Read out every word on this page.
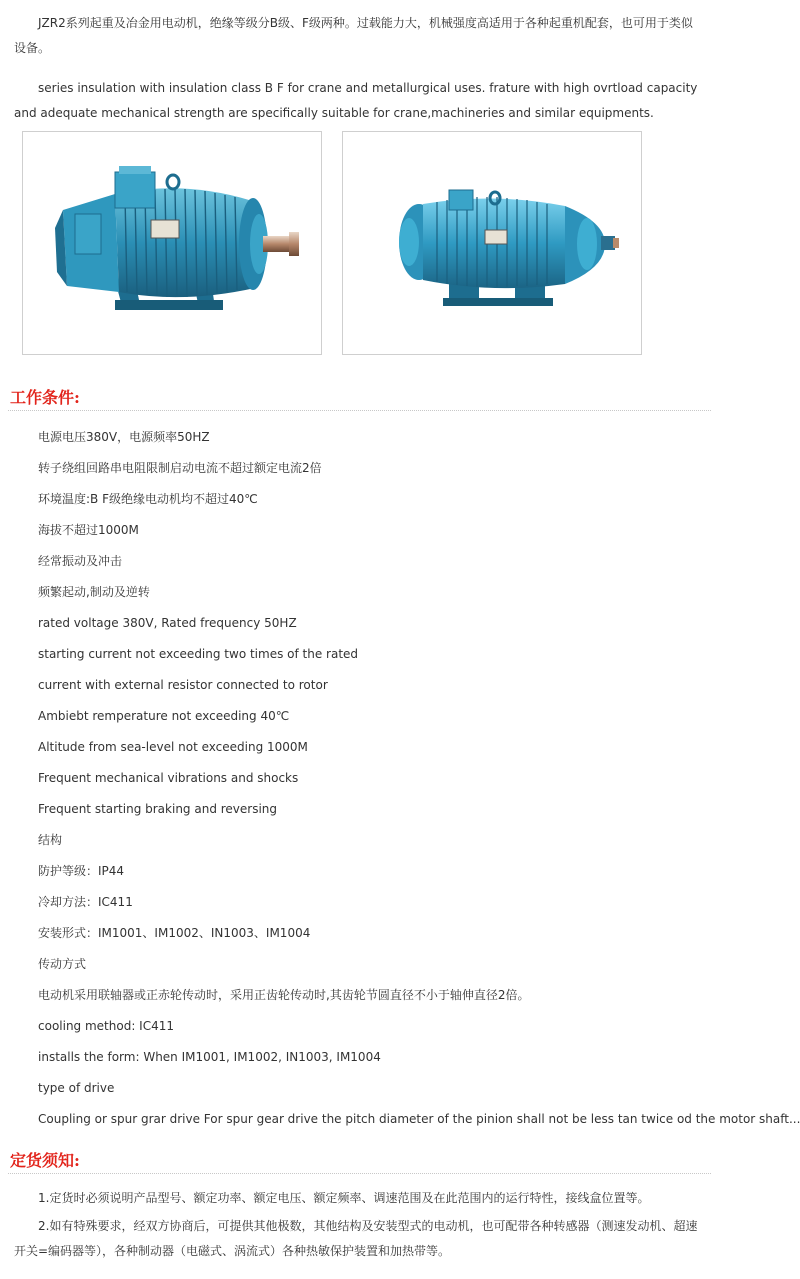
JZR2系列起重及冶金用电动机，绝缘等级分B级、F级两种。过载能力大，机械强度高适用于各种起重机配套，也可用于类似设备。

series insulation with insulation class B F for crane and metallurgical uses. frature with high ovrtload capacity and adequate mechanical strength are specifically suitable for crane,machineries and similar equipments.

工作条件:
电源电压380V，电源频率50HZ
转子绕组回路串电阻限制启动电流不超过额定电流2倍
环境温度:B F级绝缘电动机均不超过40℃
海拔不超过1000M
经常振动及冲击
频繁起动,制动及逆转
rated voltage 380V, Rated frequency 50HZ
starting current not exceeding two times of the rated
current with external resistor connected to rotor
Ambiebt remperature not exceeding 40℃
Altitude from sea-level not exceeding 1000M
Frequent mechanical vibrations and shocks
Frequent starting braking and reversing
结构
防护等级：IP44
冷却方法：IC411
安装形式：IM1001、IM1002、IN1003、IM1004
传动方式
电动机采用联轴器或正赤轮传动时，采用正齿轮传动时,其齿轮节圆直径不小于轴伸直径2倍。
cooling method: IC411
installs the form: When IM1001, IM1002, IN1003, IM1004
type of drive
Coupling or spur grar drive For spur gear drive the pitch diameter of the pinion shall not be less tan twice od the motor shaft...
定货须知:

1.定货时必须说明产品型号、额定功率、额定电压、额定频率、调速范围及在此范围内的运行特性，接线盒位置等。

2.如有特殊要求，经双方协商后，可提供其他极数，其他结构及安装型式的电动机，也可配带各种转感器（测速发动机、超速开关=编码器等），各种制动器（电磁式、涡流式）各种热敏保护装置和加热带等。
